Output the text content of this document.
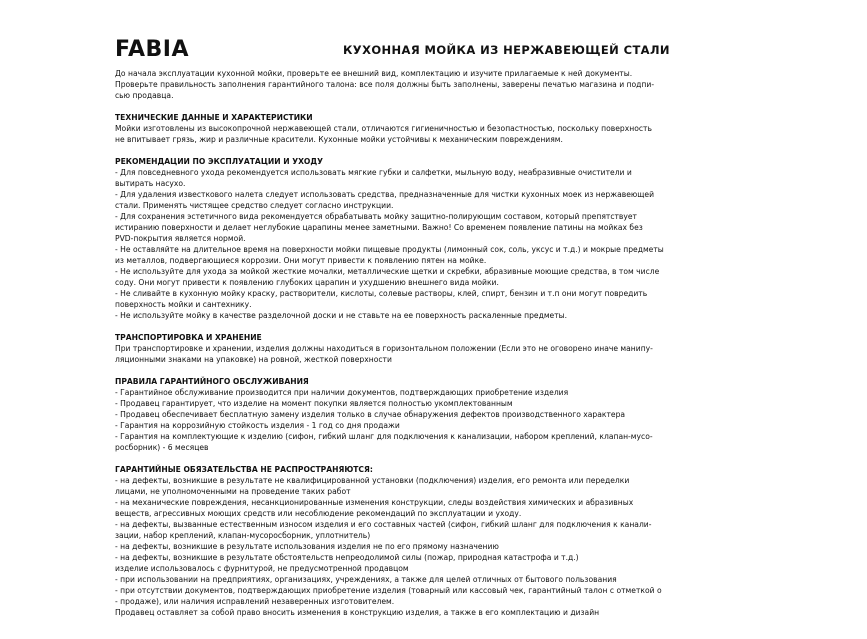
FABIA	КУХОННАЯ МОЙКА ИЗ НЕРЖАВЕЮЩЕЙ СТАЛИ

До начала эксплуатации кухонной мойки, проверьте ее внешний вид, комплектацию и изучите прилагаемые к ней документы.

Проверьте правильность заполнения гарантийного талона: все поля должны быть заполнены, заверены печатью магазина и подпи-

сью продавца.

ТЕХНИЧЕСКИЕ ДАННЫЕ И ХАРАКТЕРИСТИКИ
Мойки изготовлены из высокопрочной нержавеющей стали, отличаются гигиеничностью и безопастностью, поскольку поверхность
не впитывает грязь, жир и различные красители. Кухонные мойки устойчивы к механическим повреждениям.
РЕКОМЕНДАЦИИ ПО ЭКСПЛУАТАЦИИ И УХОДУ
- Для повседневного ухода рекомендуется использовать мягкие губки и салфетки, мыльную воду, неабразивные очистители и
вытирать насухо.
- Для удаления известкового налета следует использовать средства, предназначенные для чистки кухонных моек из нержавеющей
стали. Применять чистящее средство следует согласно инструкции.
- Для сохранения эстетичного вида рекомендуется обрабатывать мойку защитно-полирующим составом, который препятствует
истиранию поверхности и делает неглубокие царапины менее заметными. Важно! Со временем появление патины на мойках без
PVD-покрытия является нормой.
- Не оставляйте на длительное время на поверхности мойки пищевые продукты (лимонный сок, соль, уксус и т.д.) и мокрые предметы
из металлов, подвергающиеся коррозии. Они могут привести к появлению пятен на мойке.
- Не используйте для ухода за мойкой жесткие мочалки, металлические щетки и скребки, абразивные моющие средства, в том числе
соду. Они могут привести к появлению глубоких царапин и ухудшению внешнего вида мойки.
- Не сливайте в кухонную мойку краску, растворители, кислоты, солевые растворы, клей, спирт, бензин и т.п они могут повредить
поверхность мойки и сантехнику.
- Не используйте мойку в качестве разделочной доски и не ставьте на ее поверхность раскаленные предметы.
ТРАНСПОРТИРОВКА И ХРАНЕНИЕ
При транспортировке и хранении, изделия должны находиться в горизонтальном положении (Если это не оговорено иначе манипу-
ляционными знаками на упаковке) на ровной, жесткой поверхности
ПРАВИЛА ГАРАНТИЙНОГО ОБСЛУЖИВАНИЯ
- Гарантийное обслуживание производится при наличии документов, подтверждающих приобретение изделия
- Продавец гарантирует, что изделие на момент покупки является полностью укомплектованным
- Продавец обеспечивает бесплатную замену изделия только в случае обнаружения дефектов производственного характера
- Гарантия на коррозийную стойкость изделия - 1 год со дня продажи
- Гарантия на комплектующие к изделию (сифон, гибкий шланг для подключения к канализации, набором креплений, клапан-мусо-
росборник) - 6 месяцев
ГАРАНТИЙНЫЕ ОБЯЗАТЕЛЬСТВА НЕ РАСПРОСТРАНЯЮТСЯ:
- на дефекты, возникшие в результате не квалифицированной установки (подключения) изделия, его ремонта или переделки
лицами, не уполномоченными на проведение таких работ
- на механические повреждения, несанкционированные изменения конструкции, следы воздействия химических и абразивных
веществ, агрессивных моющих средств или несоблюдение рекомендаций по эксплуатации и уходу.
- на дефекты, вызванные естественным износом изделия и его составных частей (сифон, гибкий шланг для подключения к канали-
зации, набор креплений, клапан-мусоросборник, уплотнитель)
- на дефекты, возникшие в результате использования изделия не по его прямому назначению
- на дефекты, возникшие в результате обстоятельств непреодолимой силы (пожар, природная катастрофа и т.д.)
изделие использовалось с фурнитурой, не предусмотренной продавцом
- при использовании на предприятиях, организациях, учреждениях, а также для целей отличных от бытового пользования
- при отсутствии документов, подтверждающих приобретение изделия (товарный или кассовый чек, гарантийный талон с отметкой о
- продаже), или наличия исправлений незаверенных изготовителем.
Продавец оставляет за собой право вносить изменения в конструкцию изделия, а также в его комплектацию и дизайн
